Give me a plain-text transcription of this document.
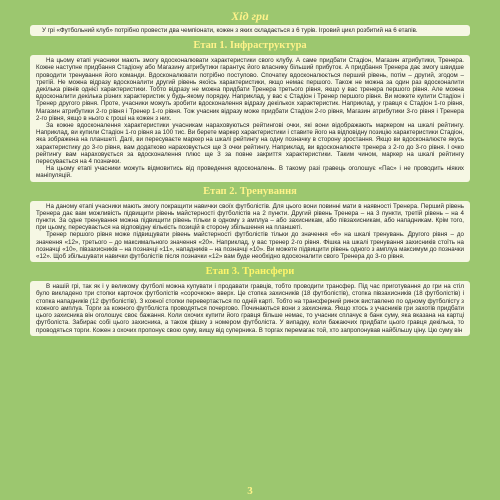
Хід гри

У грі «Футбольний клуб» потрібно провести два чемпіонати, кожен з яких складається з 6 турів. Ігровий цикл розбитий на 6 етапів.

Етап 1. Інфраструктура

На цьому етапі учасники мають змогу вдосконалювати характеристики свого клубу. А саме придбати Стадіон, Магазин атрибутики, Тренера. Кожне наступне придбання Стадіону або Магазину атрибутики гарантує його власнику більший прибуток. А придбання Тренера дає змогу швидше проводити тренування його команди. Вдосконалювати потрібно поступово. Спочатку вдосконалюється перший рівень, потім – другий, згодом – третій. Не можна відразу вдосконалити другий рівень якоїсь характеристики, якщо немає першого. Також не можна за один раз вдосконалити декілька рівнів однієї характеристики. Тобто відразу не можна придбати Тренера третього рівня, якщо у вас тренера першого рівня. Але можна вдосконалити декілька різних характеристик у будь-якому порядку. Наприклад, у вас є Стадіон і Тренер першого рівня. Ви можете купити Стадіон і Тренер другого рівня. Проте, учасники можуть зробити вдосконалення відразу декількох характеристик. Наприклад, у гравця є Стадіон 1-го рівня, Магазин атрибутики 2-го рівня і Тренер 1-го рівня. Тож учасник відразу може придбати Стадіон 2-го рівня, Магазин атрибутики 3-го рівня і Тренера 2-го рівня, якщо в нього є гроші на кожен з них.

За кожне вдосконалення характеристики учасникам нараховуються рейтингові очки, які вони відображають маркером на шкалі рейтингу. Наприклад, ви купили Стадіон 1-го рівня за 100 тис. Ви берете маркер характеристики і ставите його на відповідну позицію характеристики Стадіон, яка зображена на планшеті. Далі, ви пересуваєте маркер на шкалі рейтингу на одну позначку в сторону зростання. Якщо ви вдосконалюєте якусь характеристику до 3-го рівня, вам додатково нараховується ще 3 очки рейтингу. Наприклад, ви вдосконалюєте тренера з 2-го до 3-го рівня. І очко рейтингу вам нараховується за вдосконалення плюс ще 3 за повне закриття характеристики. Таким чином, маркер на шкалі рейтингу пересувається на 4 позначки.

На цьому етапі учасники можуть відмовитись від проведення вдосконалень. В такому разі гравець оголошує «Пас» і не проводить ніяких маніпуляцій.

Етап 2. Тренування

На даному етапі учасники мають змогу покращити навички своїх футболістів. Для цього вони повинні мати в наявності Тренера. Перший рівень Тренера дає вам можливість підвищити рівень майстерності футболістів на 2 пункти. Другий рівень Тренера – на 3 пункти, третій рівень – на 4 пункти. За одне тренування можна підвищити рівень тільки в одному з амплуа – або захисникам, або півзахисникам, або нападникам. Крім того, при цьому, пересувається на відповідну кількість позицій в сторону збільшення на планшеті.

Тренер першого рівня може підвищувати рівень майстерності футболістів тільки до значення «6» на шкалі тренувань. Другого рівня – до значення «12», третього – до максимального значення «20». Наприклад, у вас тренер 2-го рівня. Фішка на шкалі тренування захисників стоїть на позначці «10», півзахисників – на позначці «11», нападників – на позначці «10». Ви можете підвищити рівень одного з амплуа максимум до позначки «12». Щоб збільшувати навички футболістів після позначки «12» вам буде необхідно вдосконалити свого Тренера до 3-го рівня.

Етап 3. Трансфери

В нашій грі, так як і у великому футболі можна купувати і продавати гравців, тобто проводити трансфер. Під час приготування до гри на стіл було викладено три стопки карточок футболістів «сорочкою» вверх. Це стопка захисників (18 футболістів), стопка півзахисників (18 футболістів) і стопка нападників (12 футболістів). З кожної стопки перевертається по одній карті. Тобто на трансферний ринок виставлено по одному футболісту з кожного амплуа. Торги за кожного футболіста проводяться почергово. Починаються вони з захисника. Якщо хтось з учасників гри захотів придбати цього захисника він оголошує своє бажання. Коли охочих купити його гравця більше немає, то учасник сплачує в банк суму, яка вказана на картці футболіста. Забирає собі цього захисника, а також фішку з номером футболіста. У випадку, коли бажаючих придбати цього гравця декілька, то проводяться торги. Кожен з охочих пропонує свою суму, вищу від суперника. В торгах перемагає той, хто запропонував найбільшу ціну. Цю суму він

3
